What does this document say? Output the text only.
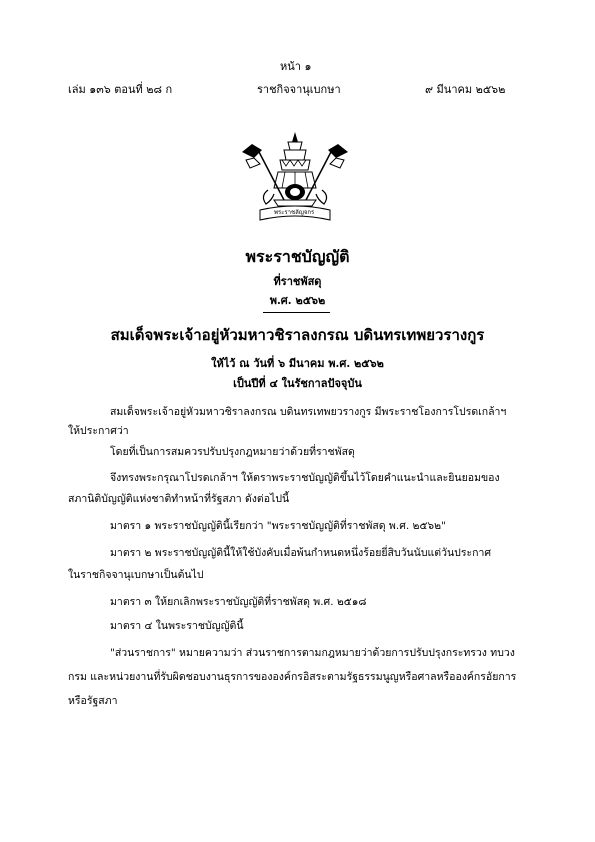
หน้า ๑
เล่ม ๑๓๖ ตอนที่ ๒๘ ก	ราชกิจจานุเบกษา	๙ มีนาคม ๒๕๖๒
พระราชลัญจกร
พระราชบัญญัติ
ที่ราชพัสดุ
พ.ศ. ๒๕๖๒
สมเด็จพระเจ้าอยู่หัวมหาวชิราลงกรณ บดินทรเทพยวรางกูร
ให้ไว้ ณ วันที่ ๖ มีนาคม พ.ศ. ๒๕๖๒
เป็นปีที่ ๔ ในรัชกาลปัจจุบัน
สมเด็จพระเจ้าอยู่หัวมหาวชิราลงกรณ บดินทรเทพยวรางกูร มีพระราชโองการโปรดเกล้าฯ
ให้ประกาศว่า
โดยที่เป็นการสมควรปรับปรุงกฎหมายว่าด้วยที่ราชพัสดุ
จึงทรงพระกรุณาโปรดเกล้าฯ ให้ตราพระราชบัญญัติขึ้นไว้โดยคำแนะนำและยินยอมของ
สภานิติบัญญัติแห่งชาติทำหน้าที่รัฐสภา ดังต่อไปนี้
มาตรา ๑ พระราชบัญญัตินี้เรียกว่า "พระราชบัญญัติที่ราชพัสดุ พ.ศ. ๒๕๖๒"
มาตรา ๒ พระราชบัญญัตินี้ให้ใช้บังคับเมื่อพ้นกำหนดหนึ่งร้อยยี่สิบวันนับแต่วันประกาศ
ในราชกิจจานุเบกษาเป็นต้นไป
มาตรา ๓ ให้ยกเลิกพระราชบัญญัติที่ราชพัสดุ พ.ศ. ๒๕๑๘
มาตรา ๔ ในพระราชบัญญัตินี้
"ส่วนราชการ" หมายความว่า ส่วนราชการตามกฎหมายว่าด้วยการปรับปรุงกระทรวง ทบวง
กรม และหน่วยงานที่รับผิดชอบงานธุรการขององค์กรอิสระตามรัฐธรรมนูญหรือศาลหรือองค์กรอัยการ
หรือรัฐสภา
